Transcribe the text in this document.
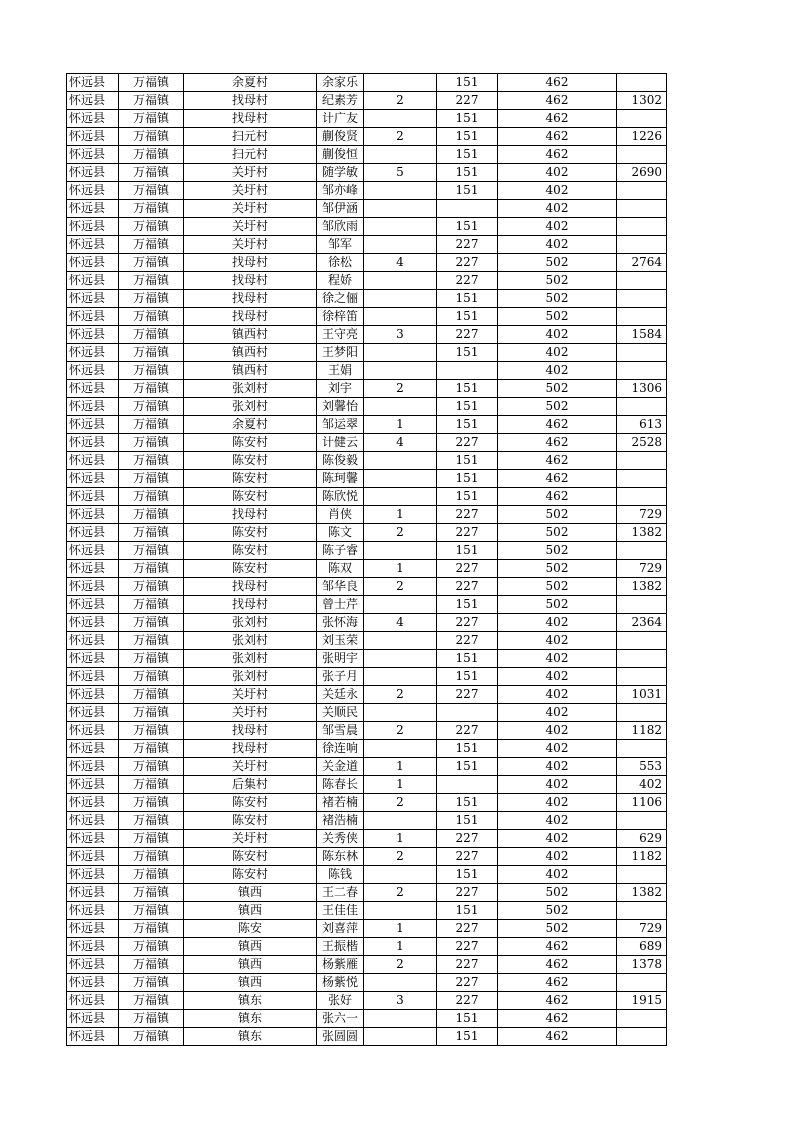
怀远县	万福镇	余夏村	余家乐		151	462	
怀远县	万福镇	找母村	纪素芳	2	227	462	1302
怀远县	万福镇	找母村	计广友		151	462	
怀远县	万福镇	扫元村	蒯俊贤	2	151	462	1226
怀远县	万福镇	扫元村	蒯俊恒		151	462	
怀远县	万福镇	关圩村	随学敏	5	151	402	2690
怀远县	万福镇	关圩村	邹亦峰		151	402	
怀远县	万福镇	关圩村	邹伊涵			402	
怀远县	万福镇	关圩村	邹欣雨		151	402	
怀远县	万福镇	关圩村	邹军		227	402	
怀远县	万福镇	找母村	徐松	4	227	502	2764
怀远县	万福镇	找母村	程娇		227	502	
怀远县	万福镇	找母村	徐之俪		151	502	
怀远县	万福镇	找母村	徐梓笛		151	502	
怀远县	万福镇	镇西村	王守亮	3	227	402	1584
怀远县	万福镇	镇西村	王梦阳		151	402	
怀远县	万福镇	镇西村	王娟			402	
怀远县	万福镇	张刘村	刘宇	2	151	502	1306
怀远县	万福镇	张刘村	刘馨怡		151	502	
怀远县	万福镇	余夏村	邹运翠	1	151	462	613
怀远县	万福镇	陈安村	计健云	4	227	462	2528
怀远县	万福镇	陈安村	陈俊毅		151	462	
怀远县	万福镇	陈安村	陈珂馨		151	462	
怀远县	万福镇	陈安村	陈欣悦		151	462	
怀远县	万福镇	找母村	肖侠	1	227	502	729
怀远县	万福镇	陈安村	陈文	2	227	502	1382
怀远县	万福镇	陈安村	陈子睿		151	502	
怀远县	万福镇	陈安村	陈双	1	227	502	729
怀远县	万福镇	找母村	邹华良	2	227	502	1382
怀远县	万福镇	找母村	曾士芹		151	502	
怀远县	万福镇	张刘村	张怀海	4	227	402	2364
怀远县	万福镇	张刘村	刘玉荣		227	402	
怀远县	万福镇	张刘村	张明宇		151	402	
怀远县	万福镇	张刘村	张子月		151	402	
怀远县	万福镇	关圩村	关廷永	2	227	402	1031
怀远县	万福镇	关圩村	关顺民			402	
怀远县	万福镇	找母村	邹雪晨	2	227	402	1182
怀远县	万福镇	找母村	徐连响		151	402	
怀远县	万福镇	关圩村	关金道	1	151	402	553
怀远县	万福镇	后集村	陈春长	1		402	402
怀远县	万福镇	陈安村	褚若楠	2	151	402	1106
怀远县	万福镇	陈安村	褚浩楠		151	402	
怀远县	万福镇	关圩村	关秀侠	1	227	402	629
怀远县	万福镇	陈安村	陈东林	2	227	402	1182
怀远县	万福镇	陈安村	陈钱		151	402	
怀远县	万福镇	镇西	王二春	2	227	502	1382
怀远县	万福镇	镇西	王佳佳		151	502	
怀远县	万福镇	陈安	刘喜萍	1	227	502	729
怀远县	万福镇	镇西	王振楷	1	227	462	689
怀远县	万福镇	镇西	杨紫雁	2	227	462	1378
怀远县	万福镇	镇西	杨紫悦		227	462	
怀远县	万福镇	镇东	张好	3	227	462	1915
怀远县	万福镇	镇东	张六一		151	462	
怀远县	万福镇	镇东	张圆圆		151	462	
